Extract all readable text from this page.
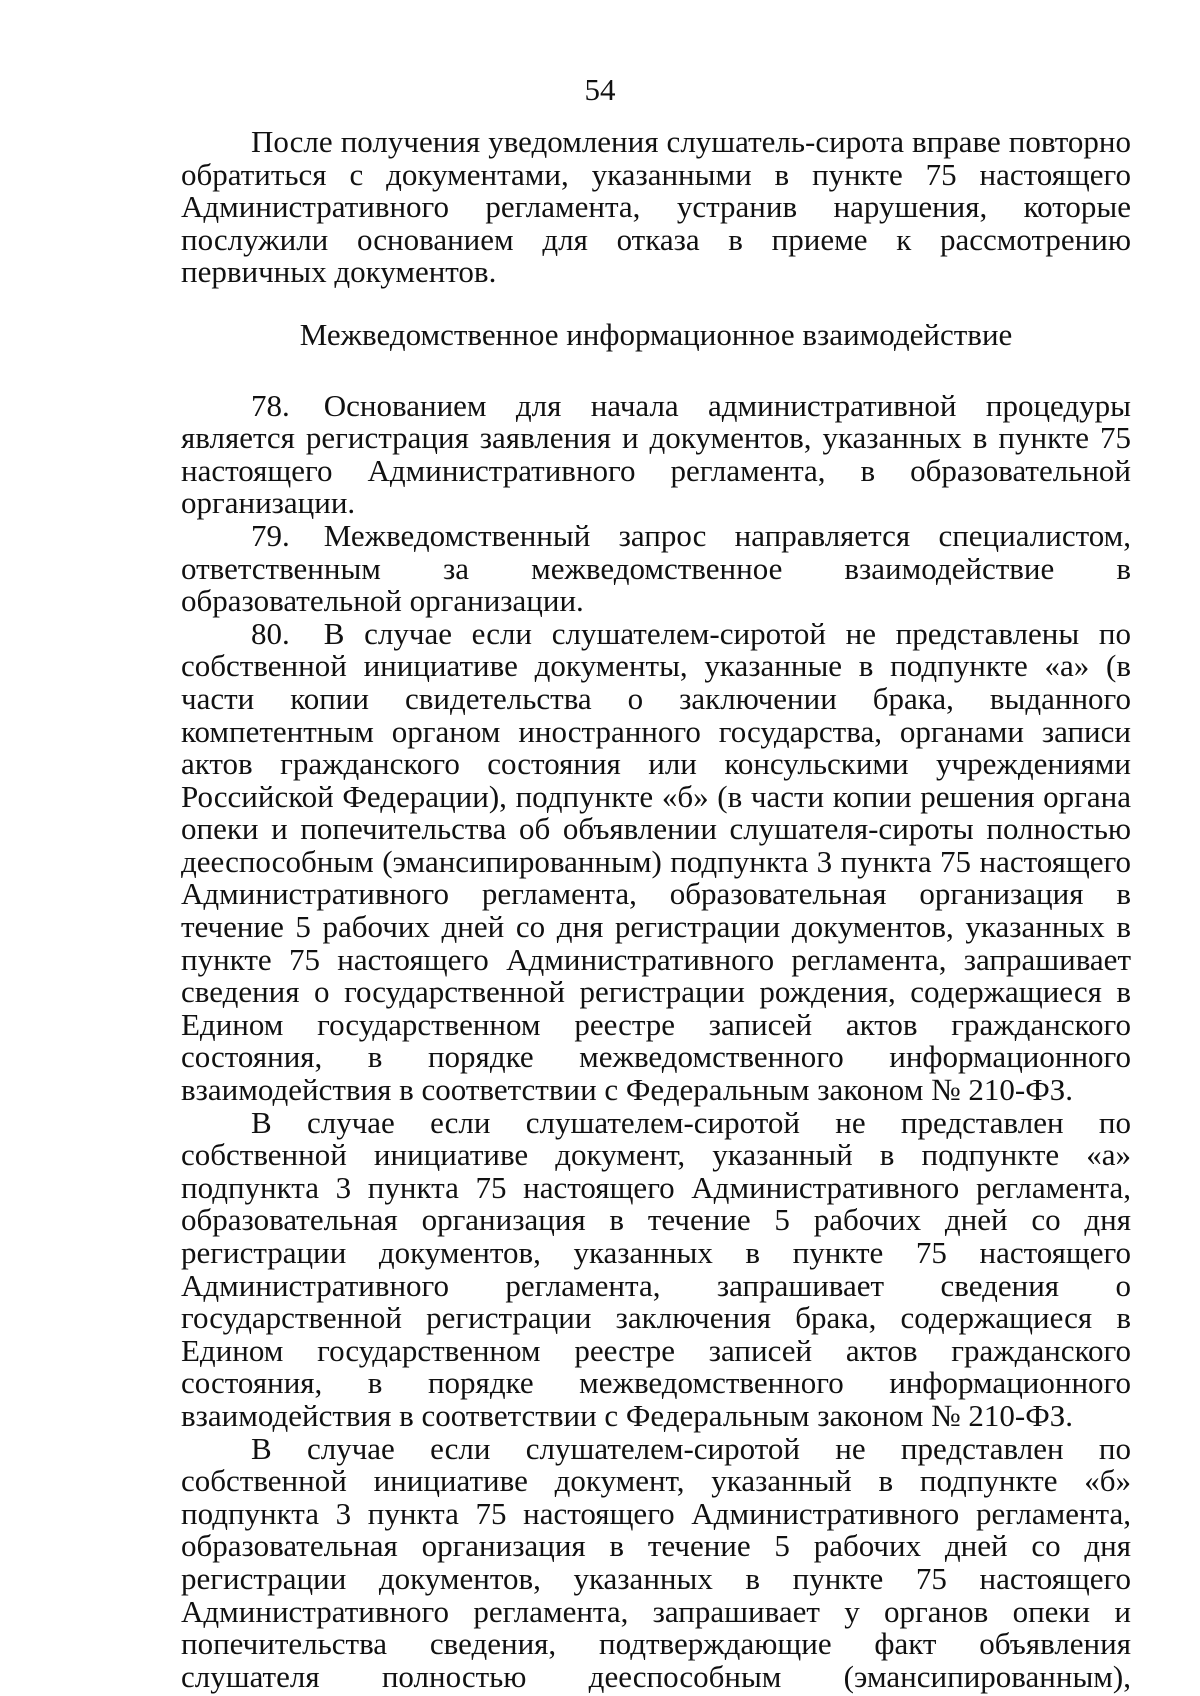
54

После получения уведомления слушатель-сирота вправе повторно обратиться с документами, указанными в пункте 75 настоящего Административного регламента, устранив нарушения, которые послужили основанием для отказа в приеме к рассмотрению первичных документов.

Межведомственное информационное взаимодействие

78. Основанием для начала административной процедуры является регистрация заявления и документов, указанных в пункте 75 настоящего Административного регламента, в образовательной организации.

79. Межведомственный запрос направляется специалистом, ответственным за межведомственное взаимодействие в образовательной организации.

80. В случае если слушателем-сиротой не представлены по собственной инициативе документы, указанные в подпункте «а» (в части копии свидетельства о заключении брака, выданного компетентным органом иностранного государства, органами записи актов гражданского состояния или консульскими учреждениями Российской Федерации), подпункте «б» (в части копии решения органа опеки и попечительства об объявлении слушателя-сироты полностью дееспособным (эмансипированным) подпункта 3 пункта 75 настоящего Административного регламента, образовательная организация в течение 5 рабочих дней со дня регистрации документов, указанных в пункте 75 настоящего Административного регламента, запрашивает сведения о государственной регистрации рождения, содержащиеся в Едином государственном реестре записей актов гражданского состояния, в порядке межведомственного информационного взаимодействия в соответствии с Федеральным законом № 210-ФЗ.

В случае если слушателем-сиротой не представлен по собственной инициативе документ, указанный в подпункте «а» подпункта 3 пункта 75 настоящего Административного регламента, образовательная организация в течение 5 рабочих дней со дня регистрации документов, указанных в пункте 75 настоящего Административного регламента, запрашивает сведения о государственной регистрации заключения брака, содержащиеся в Едином государственном реестре записей актов гражданского состояния, в порядке межведомственного информационного взаимодействия в соответствии с Федеральным законом № 210-ФЗ.

В случае если слушателем-сиротой не представлен по собственной инициативе документ, указанный в подпункте «б» подпункта 3 пункта 75 настоящего Административного регламента, образовательная организация в течение 5 рабочих дней со дня регистрации документов, указанных в пункте 75 настоящего Административного регламента, запрашивает у органов опеки и попечительства сведения, подтверждающие факт объявления слушателя полностью дееспособным (эмансипированным),
